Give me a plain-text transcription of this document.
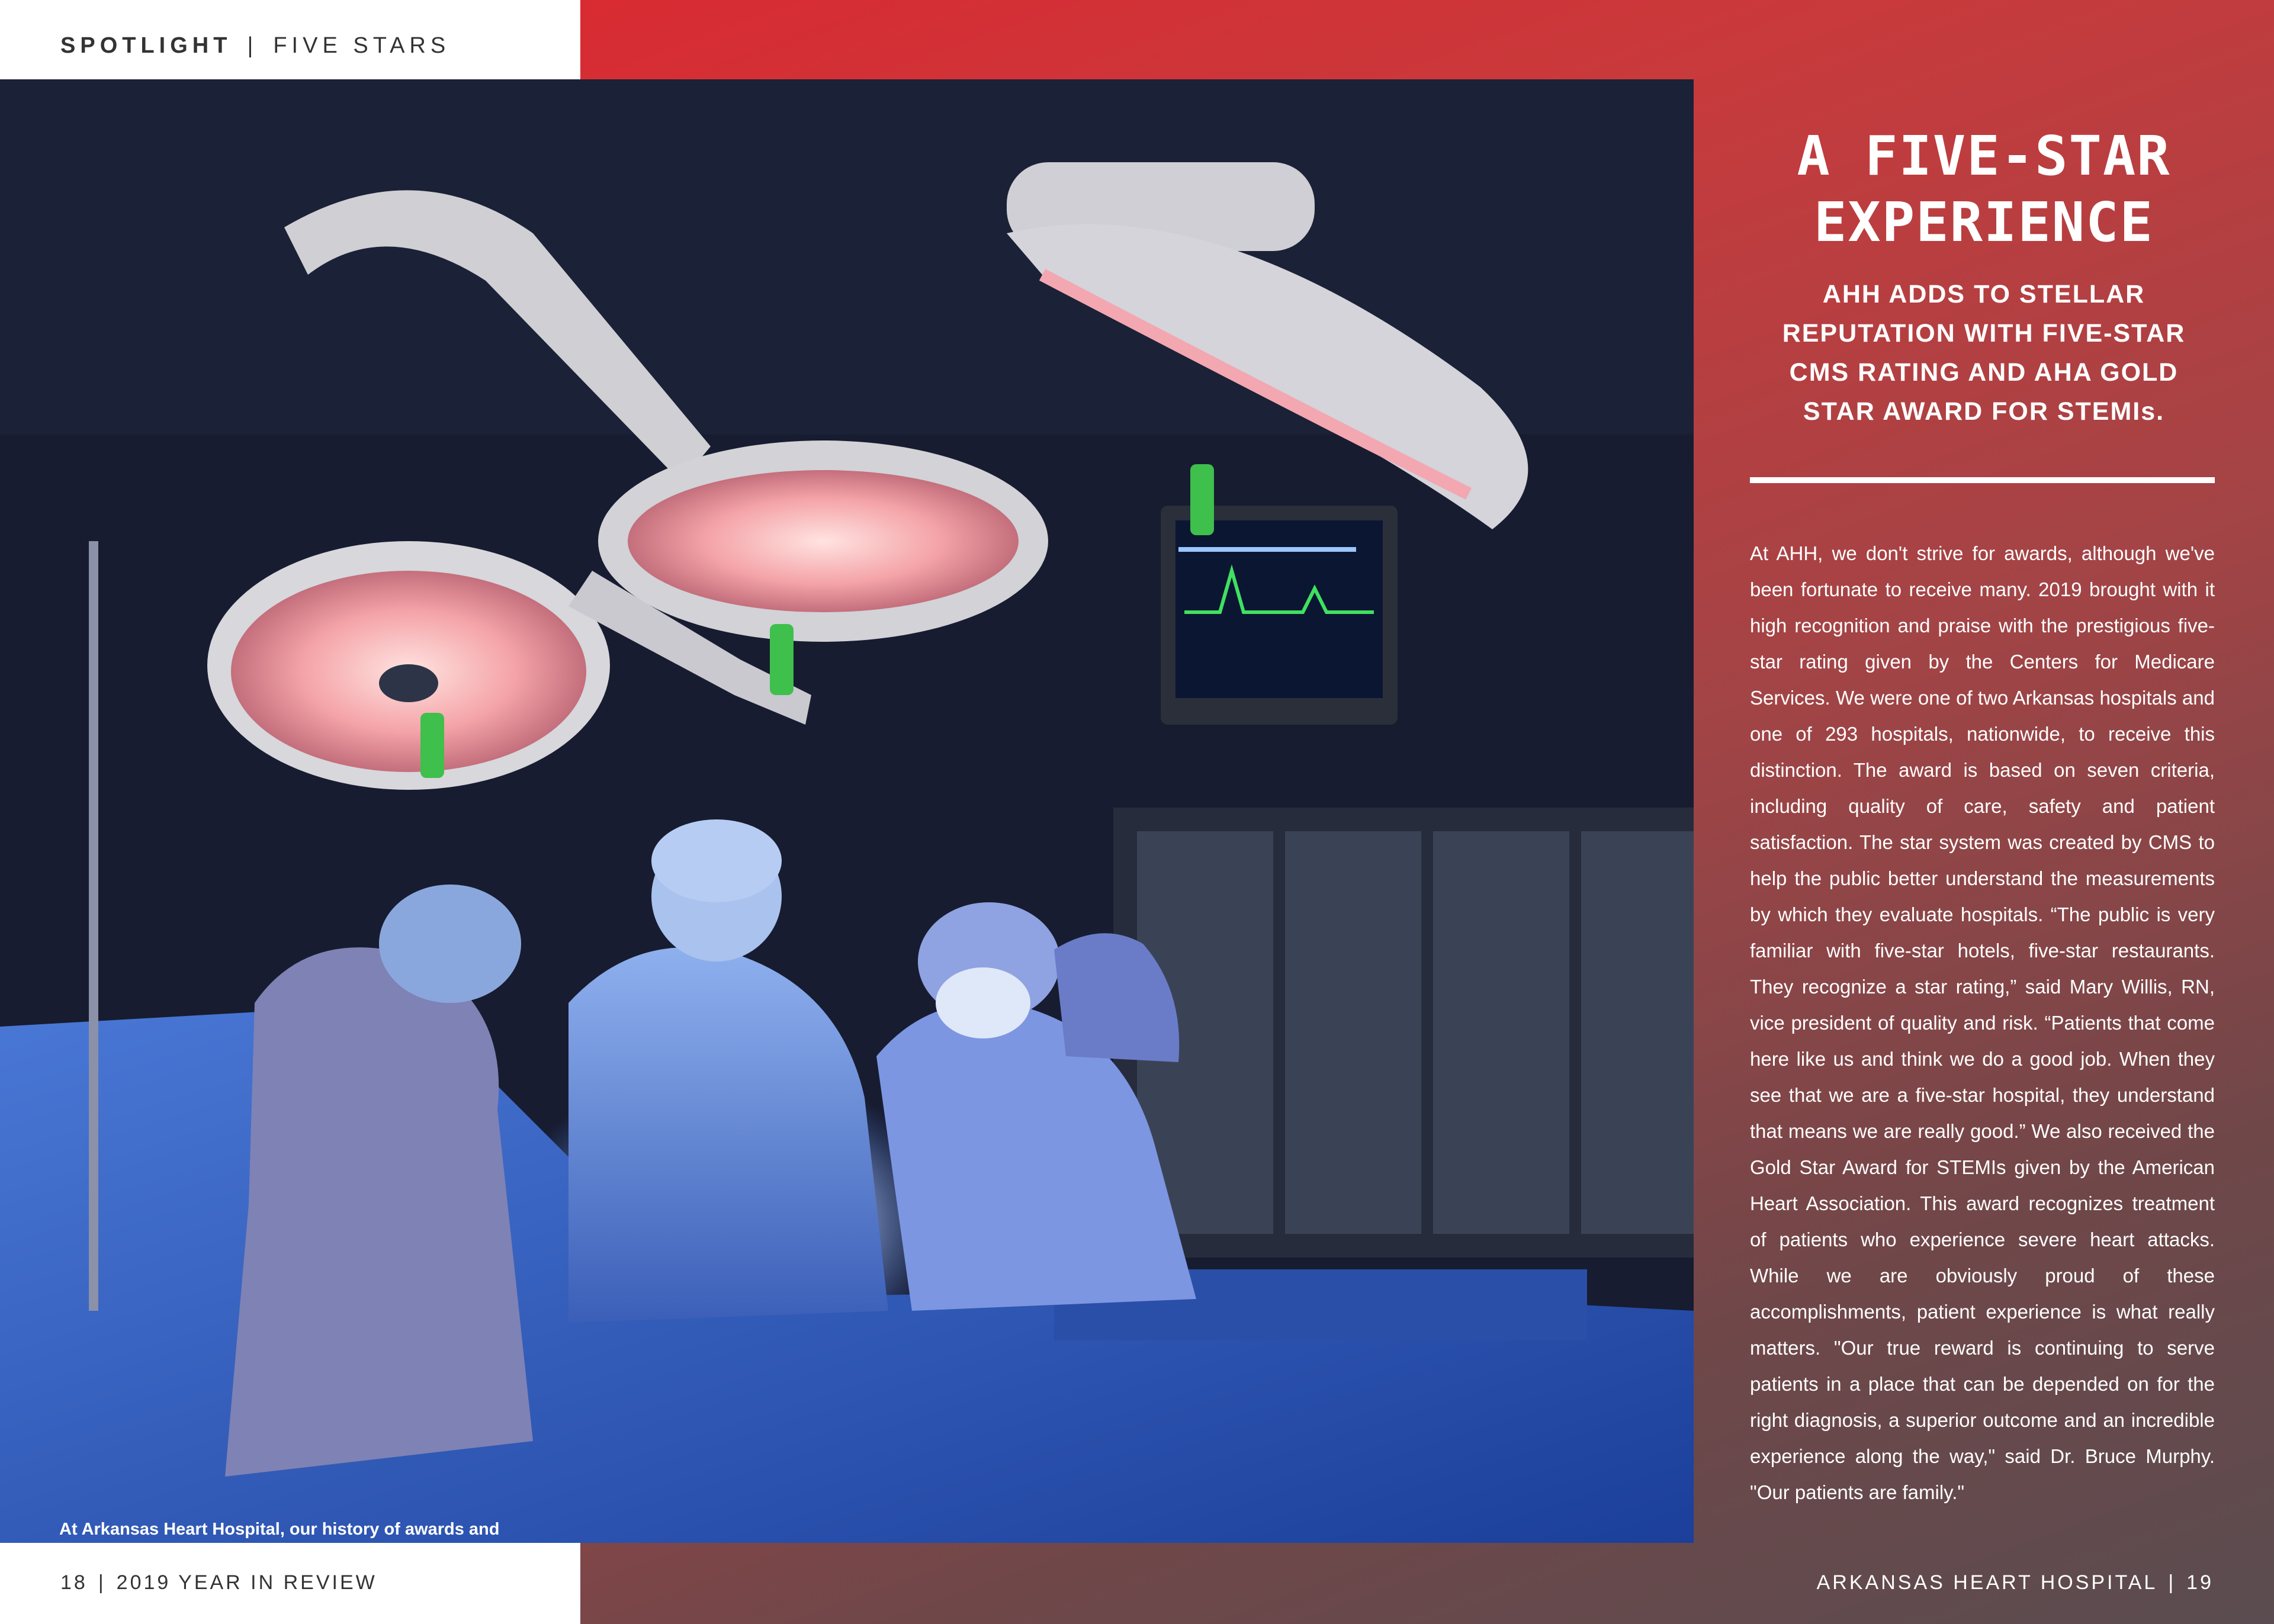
SPOTLIGHT | FIVE STARS
At Arkansas Heart Hospital, our history of awards and
A FIVE-STAR
EXPERIENCE
AHH ADDS TO STELLAR REPUTATION WITH FIVE-STAR CMS RATING AND AHA GOLD STAR AWARD FOR STEMIs.
At AHH, we don't strive for awards, although we've been fortunate to receive many. 2019 brought with it high recognition and praise with the prestigious five-star rating given by the Centers for Medicare Services. We were one of two Arkansas hospitals and one of 293 hospitals, nationwide, to receive this distinction. The award is based on seven criteria, including quality of care, safety and patient satisfaction. The star system was created by CMS to help the public better understand the measurements by which they evaluate hospitals. “The public is very familiar with five-star hotels, five-star restaurants. They recognize a star rating,” said Mary Willis, RN, vice president of quality and risk. “Patients that come here like us and think we do a good job. When they see that we are a five-star hospital, they understand that means we are really good.” We also received the Gold Star Award for STEMIs given by the American Heart Association. This award recognizes treatment of patients who experience severe heart attacks. While we are obviously proud of these accomplishments, patient experience is what really matters. "Our true reward is continuing to serve patients in a place that can be depended on for the right diagnosis, a superior outcome and an incredible experience along the way," said Dr. Bruce Murphy. "Our patients are family."
18 | 2019 YEAR IN REVIEW	ARKANSAS HEART HOSPITAL | 19
